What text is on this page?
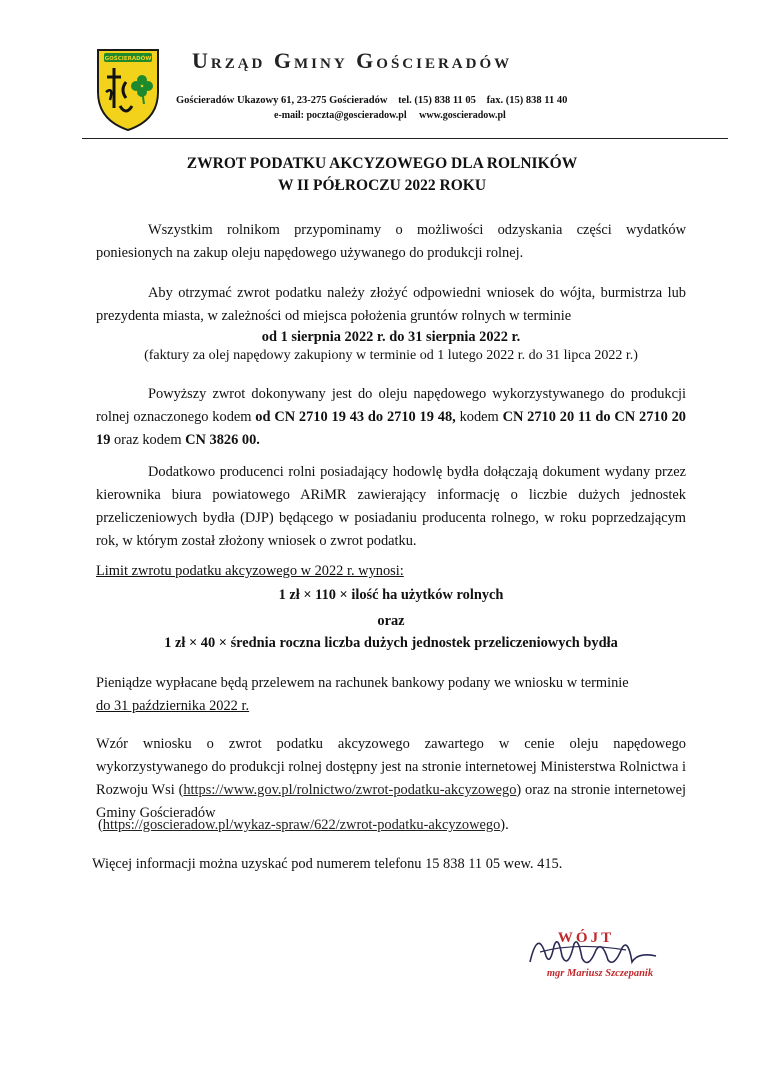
GOŚCIERADÓW Urząd Gminy Gościeradów
Gościeradów Ukazowy 61, 23-275 Gościeradów tel. (15) 838 11 05 fax. (15) 838 11 40
e-mail: poczta@goscieradow.pl www.goscieradow.pl
ZWROT PODATKU AKCYZOWEGO DLA ROLNIKÓW
W II PÓŁROCZU 2022 ROKU
Wszystkim rolnikom przypominamy o możliwości odzyskania części wydatków poniesionych na zakup oleju napędowego używanego do produkcji rolnej.
Aby otrzymać zwrot podatku należy złożyć odpowiedni wniosek do wójta, burmistrza lub prezydenta miasta, w zależności od miejsca położenia gruntów rolnych w terminie
od 1 sierpnia 2022 r. do 31 sierpnia 2022 r.
(faktury za olej napędowy zakupiony w terminie od 1 lutego 2022 r. do 31 lipca 2022 r.)
Powyższy zwrot dokonywany jest do oleju napędowego wykorzystywanego do produkcji rolnej oznaczonego kodem od CN 2710 19 43 do 2710 19 48, kodem CN 2710 20 11 do CN 2710 20 19 oraz kodem CN 3826 00.
Dodatkowo producenci rolni posiadający hodowlę bydła dołączają dokument wydany przez kierownika biura powiatowego ARiMR zawierający informację o liczbie dużych jednostek przeliczeniowych bydła (DJP) będącego w posiadaniu producenta rolnego, w roku poprzedzającym rok, w którym został złożony wniosek o zwrot podatku.
Limit zwrotu podatku akcyzowego w 2022 r. wynosi:
1 zł × 110 × ilość ha użytków rolnych
oraz
1 zł × 40 × średnia roczna liczba dużych jednostek przeliczeniowych bydła
Pieniądze wypłacane będą przelewem na rachunek bankowy podany we wniosku w terminie
do 31 października 2022 r.
Wzór wniosku o zwrot podatku akcyzowego zawartego w cenie oleju napędowego wykorzystywanego do produkcji rolnej dostępny jest na stronie internetowej Ministerstwa Rolnictwa i Rozwoju Wsi (https://www.gov.pl/rolnictwo/zwrot-podatku-akcyzowego) oraz na stronie internetowej Gminy Gościeradów
(https://goscieradow.pl/wykaz-spraw/622/zwrot-podatku-akcyzowego).
Więcej informacji można uzyskać pod numerem telefonu 15 838 11 05 wew. 415.
WÓJT
mgr Mariusz Szczepanik
